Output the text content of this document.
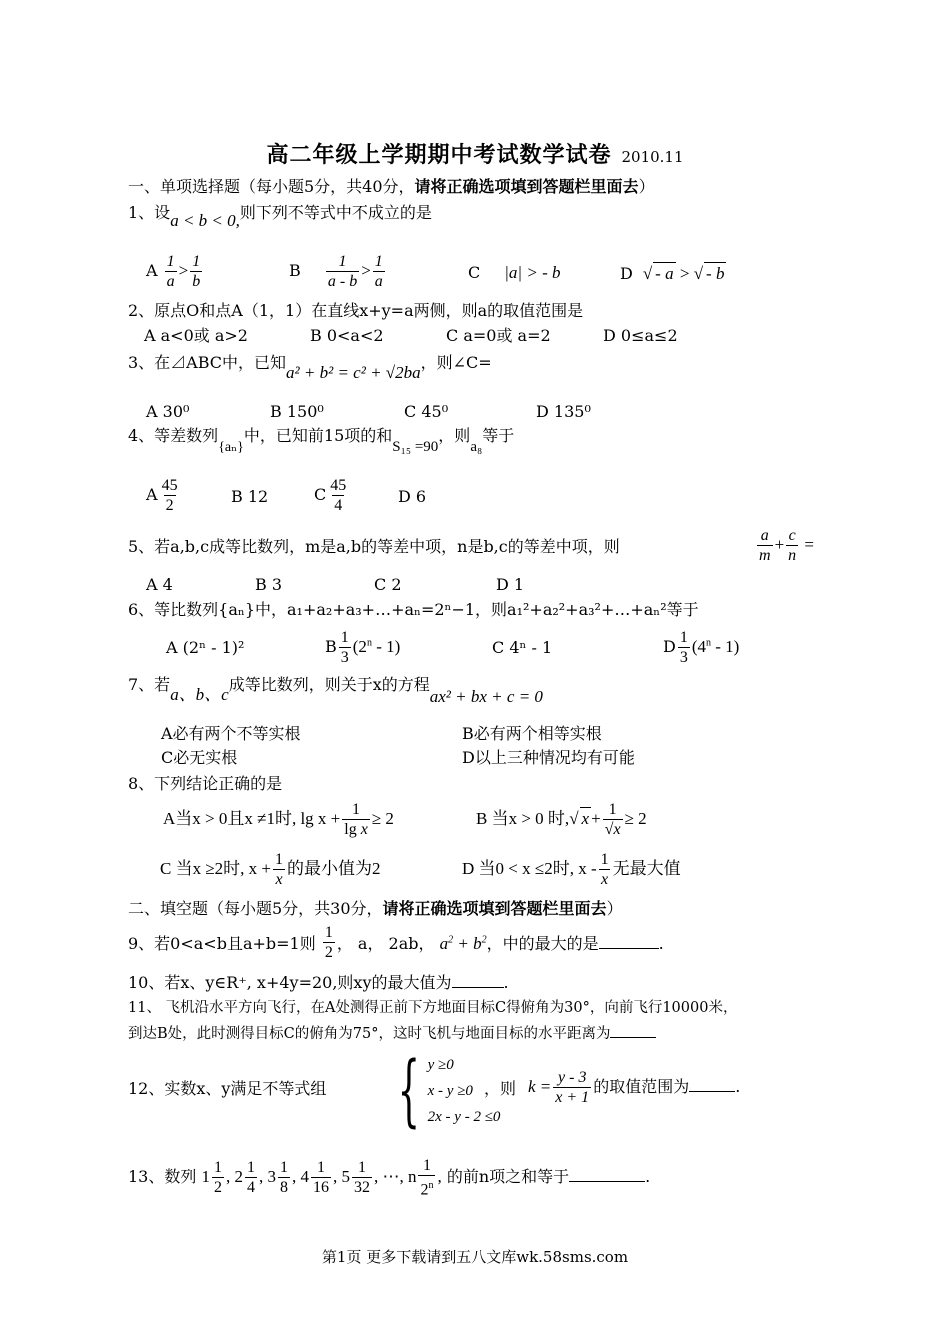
高二年级上学期期中考试数学试卷 2010.11
一、单项选择题（每小题5分，共40分，请将正确选项填到答题栏里面去）
1、设a < b < 0,则下列不等式中不成立的是
A $\frac{1}{a} > \frac{1}{b}$	B $\frac{1}{a - b} > \frac{1}{a}$	C |a| > - b	D √ - a > √ - b
2、原点O和点A（1，1）在直线x+y=a两侧，则a的取值范围是
A a<0或 a>2	B 0<a<2	C a=0或 a=2	D 0≤a≤2
3、在⊿ABC中，已知a² + b² = c² + √2ba，则∠C=
A 30⁰	B 150⁰	C 45⁰	D 135⁰
4、等差数列{aₙ}中，已知前15项的和S₁₅ =90，则a₈等于
A $\frac{45}{2}$	B 12	C $\frac{45}{4}$	D 6
5、若a,b,c成等比数列，m是a,b的等差中项，n是b,c的等差中项，则	$\frac{a}{m} + \frac{c}{n}$ =
A 4	B 3	C 2	D 1
6、等比数列{aₙ}中，a₁+a₂+a₃+…+aₙ=2ⁿ−1，则a₁²+a₂²+a₃²+…+aₙ²等于
A (2ⁿ - 1)²	B $\frac{1}{3} (2^n - 1)$	C 4ⁿ - 1	D $\frac{1}{3} (4^n - 1)$
7、若a、b、c成等比数列，则关于x的方程ax² + bx + c = 0
A必有两个不等实根	B必有两个相等实根
C必无实根	D以上三种情况均有可能
8、下列结论正确的是
A当x > 0且x ≠1时, $\lg x + \frac{1}{\text{lg x}} \ge 2$	B 当x > 0 时,√ $x + \frac{1}{√x} \ge 2$
C 当x ≥2时, $x + \frac{1}{x}$ 的最小值为2	D 当0 < x ≤2时, x - $\frac{1}{x}$ 无最大值
二、填空题（每小题5分，共30分，请将正确选项填到答题栏里面去）
9、若0<a<b且a+b=1则 $\frac{1}{2}$ ， a， 2ab， $a^2 + b^2$，中的最大的是	.
10、若x、y∈R⁺, x+4y=20,则xy的最大值为	.
11、 飞机沿水平方向飞行，在A处测得正前下方地面目标C得俯角为30°，向前飞行10000米，
到达B处，此时测得目标C的俯角为75°，这时飞机与地面目标的水平距离为
12、实数x、y满足不等式组 { y ≥0
x - y ≥0
2x - y - 2 ≤0
，则 $k = \frac{y - 3}{x + 1}$ 的取值范围为	.
13、数列 $1 \frac{1}{2}$ , $2 \frac{1}{4}$ , $3 \frac{1}{8}$ , $4 \frac{1}{16}$ , $5 \frac{1}{32}$ , ⋯, n $\frac{1}{2^n}$ , 的前n项之和等于	.
第1页 更多下载请到五八文库wk.58sms.com
